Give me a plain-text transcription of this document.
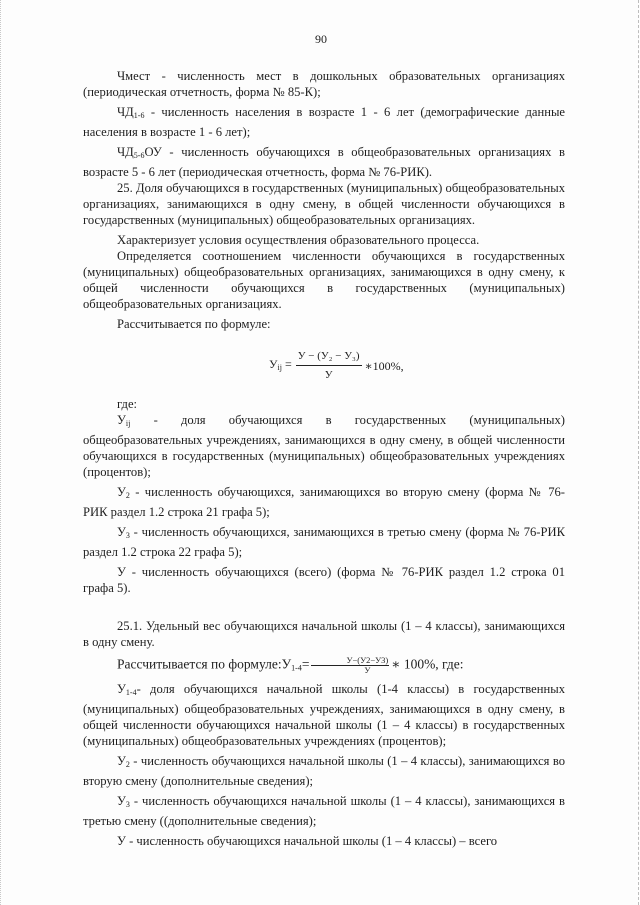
90

Чмест - численность мест в дошкольных образовательных организациях (периодическая отчетность, форма № 85-К);

$ЧД_{1-6}$ - численность населения в возрасте 1 - 6 лет (демографические данные населения в возрасте 1 - 6 лет);

$ЧД_{5-6}ОУ$ - численность обучающихся в общеобразовательных организациях в возрасте 5 - 6 лет (периодическая отчетность, форма № 76-РИК).

25. Доля обучающихся в государственных (муниципальных) общеобразовательных организациях, занимающихся в одну смену, в общей численности обучающихся в государственных (муниципальных) общеобразовательных организациях.

Характеризует условия осуществления образовательного процесса.

Определяется соотношением численности обучающихся в государственных (муниципальных) общеобразовательных организациях, занимающихся в одну смену, к общей численности обучающихся в государственных (муниципальных) общеобразовательных организациях.

Рассчитывается по формуле:

$У_{ij} = \frac{\text{У − (У₂ − У₃)}}{У}$ ∗100%,

где:

$У_{ij}$ - доля обучающихся в государственных (муниципальных) общеобразовательных учреждениях, занимающихся в одну смену, в общей численности обучающихся в государственных (муниципальных) общеобразовательных учреждениях (процентов);

$У_2$ - численность обучающихся, занимающихся во вторую смену (форма № 76-РИК раздел 1.2 строка 21 графа 5);

$У_3$ - численность обучающихся, занимающихся в третью смену (форма № 76-РИК раздел 1.2 строка 22 графа 5);

У - численность обучающихся (всего) (форма № 76-РИК раздел 1.2 строка 01 графа 5).

25.1. Удельный вес обучающихся начальной школы (1 – 4 классы), занимающихся в одну смену.

Рассчитывается по $формуле:У_{1-4}= \frac{У-(У2-У3)}{У}$ ∗ 100%, где:

$У_{1-4}-$ доля обучающихся начальной школы (1-4 классы) в государственных (муниципальных) общеобразовательных учреждениях, занимающихся в одну смену, в общей численности обучающихся начальной школы (1 – 4 классы) в государственных (муниципальных) общеобразовательных учреждениях (процентов);

$У_2$ - численность обучающихся начальной школы (1 – 4 классы), занимающихся во вторую смену (дополнительные сведения);

$У_3$ - численность обучающихся начальной школы (1 – 4 классы), занимающихся в третью смену ((дополнительные сведения);

У - численность обучающихся начальной школы (1 – 4 классы) – всего
